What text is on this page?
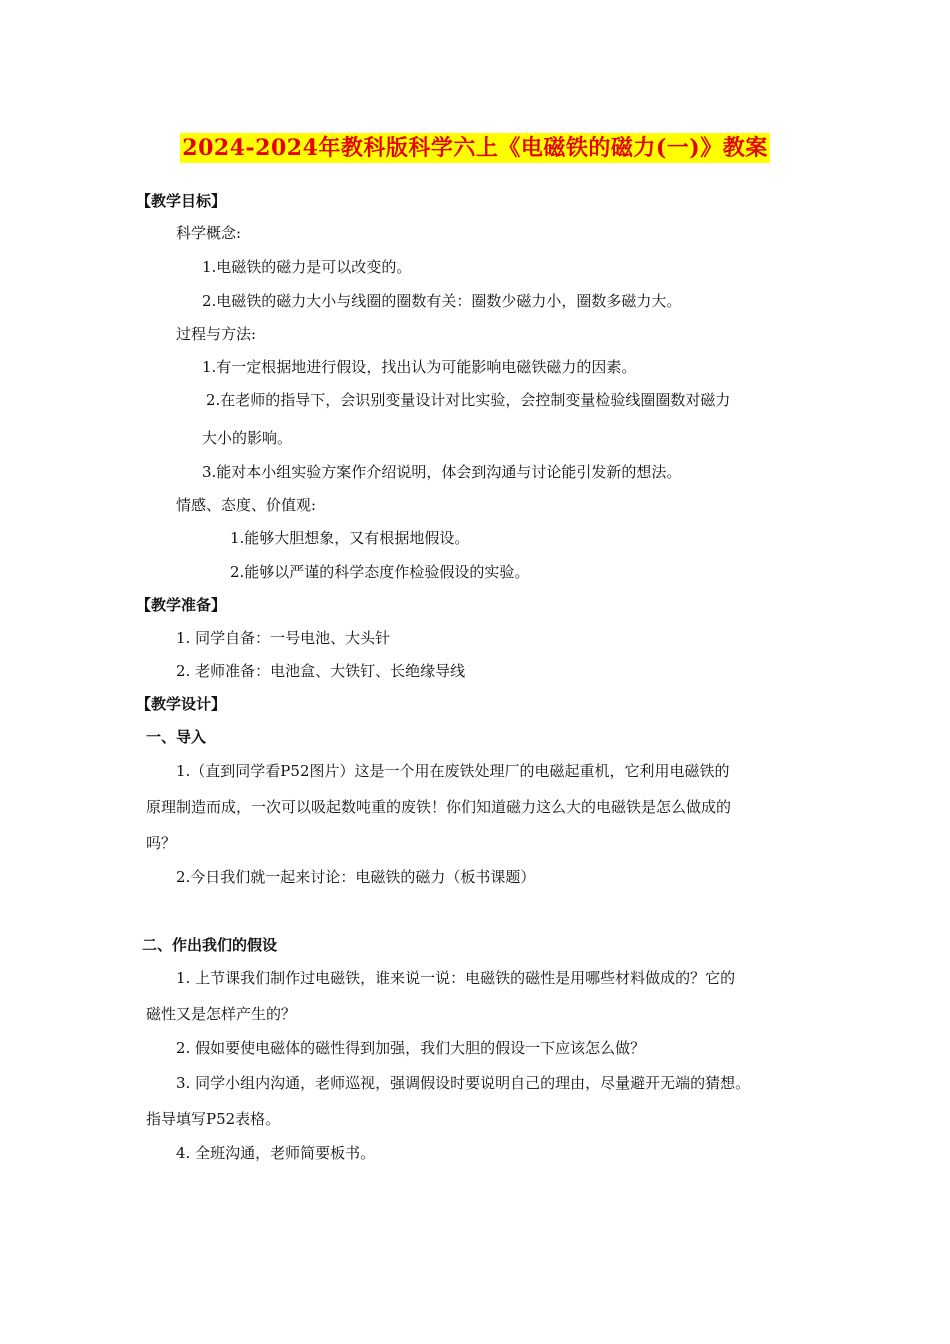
2024-2024年教科版科学六上《电磁铁的磁力(一)》教案
【教学目标】
科学概念:
1.电磁铁的磁力是可以改变的。
2.电磁铁的磁力大小与线圈的圈数有关：圈数少磁力小，圈数多磁力大。
过程与方法:
1.有一定根据地进行假设，找出认为可能影响电磁铁磁力的因素。
2.在老师的指导下，会识别变量设计对比实验，会控制变量检验线圈圈数对磁力
大小的影响。
3.能对本小组实验方案作介绍说明，体会到沟通与讨论能引发新的想法。
情感、态度、价值观:
1.能够大胆想象，又有根据地假设。
2.能够以严谨的科学态度作检验假设的实验。
【教学准备】
1. 同学自备：一号电池、大头针
2. 老师准备：电池盒、大铁钉、长绝缘导线
【教学设计】
一、导入
1.（直到同学看P52图片）这是一个用在废铁处理厂的电磁起重机，它利用电磁铁的
原理制造而成，一次可以吸起数吨重的废铁！你们知道磁力这么大的电磁铁是怎么做成的
吗？
2.今日我们就一起来讨论：电磁铁的磁力（板书课题）
二、作出我们的假设
1. 上节课我们制作过电磁铁，谁来说一说：电磁铁的磁性是用哪些材料做成的？它的
磁性又是怎样产生的？
2. 假如要使电磁体的磁性得到加强，我们大胆的假设一下应该怎么做？
3. 同学小组内沟通，老师巡视，强调假设时要说明自己的理由，尽量避开无端的猜想。
指导填写P52表格。
4. 全班沟通，老师简要板书。
